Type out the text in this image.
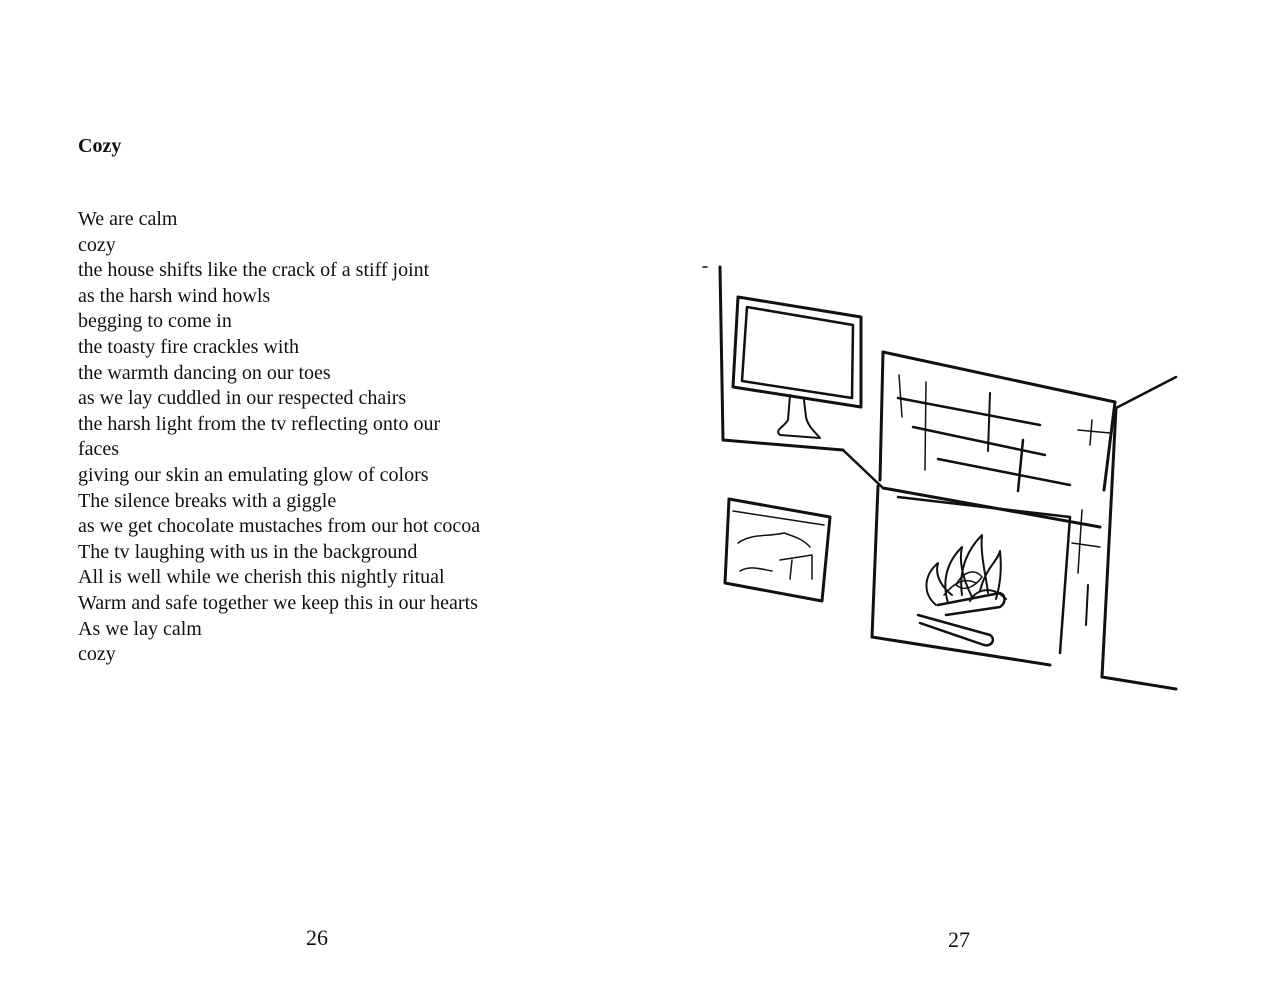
Cozy
We are calm
cozy
the house shifts like the crack of a stiff joint
as the harsh wind howls
begging to come in
the toasty fire crackles with
the warmth dancing on our toes
as we lay cuddled in our respected chairs
the harsh light from the tv reflecting onto our
faces
giving our skin an emulating glow of colors
The silence breaks with a giggle
as we get chocolate mustaches from our hot cocoa
The tv laughing with us in the background
All is well while we cherish this nightly ritual
Warm and safe together we keep this in our hearts
As we lay calm
cozy
26	27
